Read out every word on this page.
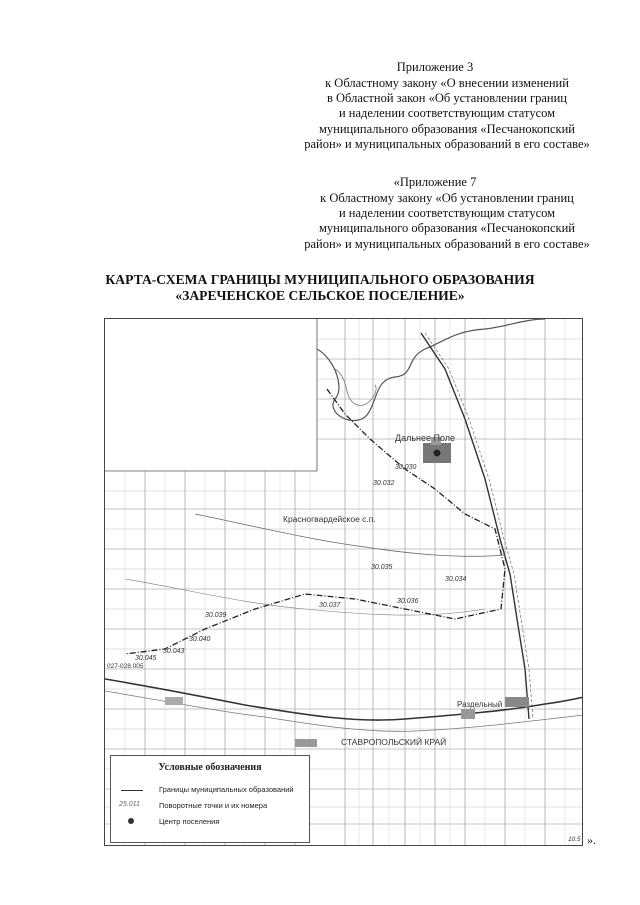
Приложение 3
к Областному закону «О внесении изменений
в Областной закон «Об установлении границ
и наделении соответствующим статусом
муниципального образования «Песчанокопский
район» и муниципальных образований в его составе»
«Приложение 7
к Областному закону «Об установлении границ
и наделении соответствующим статусом
муниципального образования «Песчанокопский
район» и муниципальных образований в его составе»
КАРТА-СХЕМА ГРАНИЦЫ МУНИЦИПАЛЬНОГО ОБРАЗОВАНИЯ
«ЗАРЕЧЕНСКОЕ СЕЛЬСКОЕ ПОСЕЛЕНИЕ»
Дальнее Поле
Красногвардейское с.п.
Раздельный
СТАВРОПОЛЬСКИЙ КРАЙ
027-028.005
30.030
30.032
30.034
30.035
30.036
30.037
30.039
30.040
30.043
30.045
10.5
Условные обозначения
Границы муниципальных образований
25.011	Поворотные точки и их номера
Центр поселения
».
